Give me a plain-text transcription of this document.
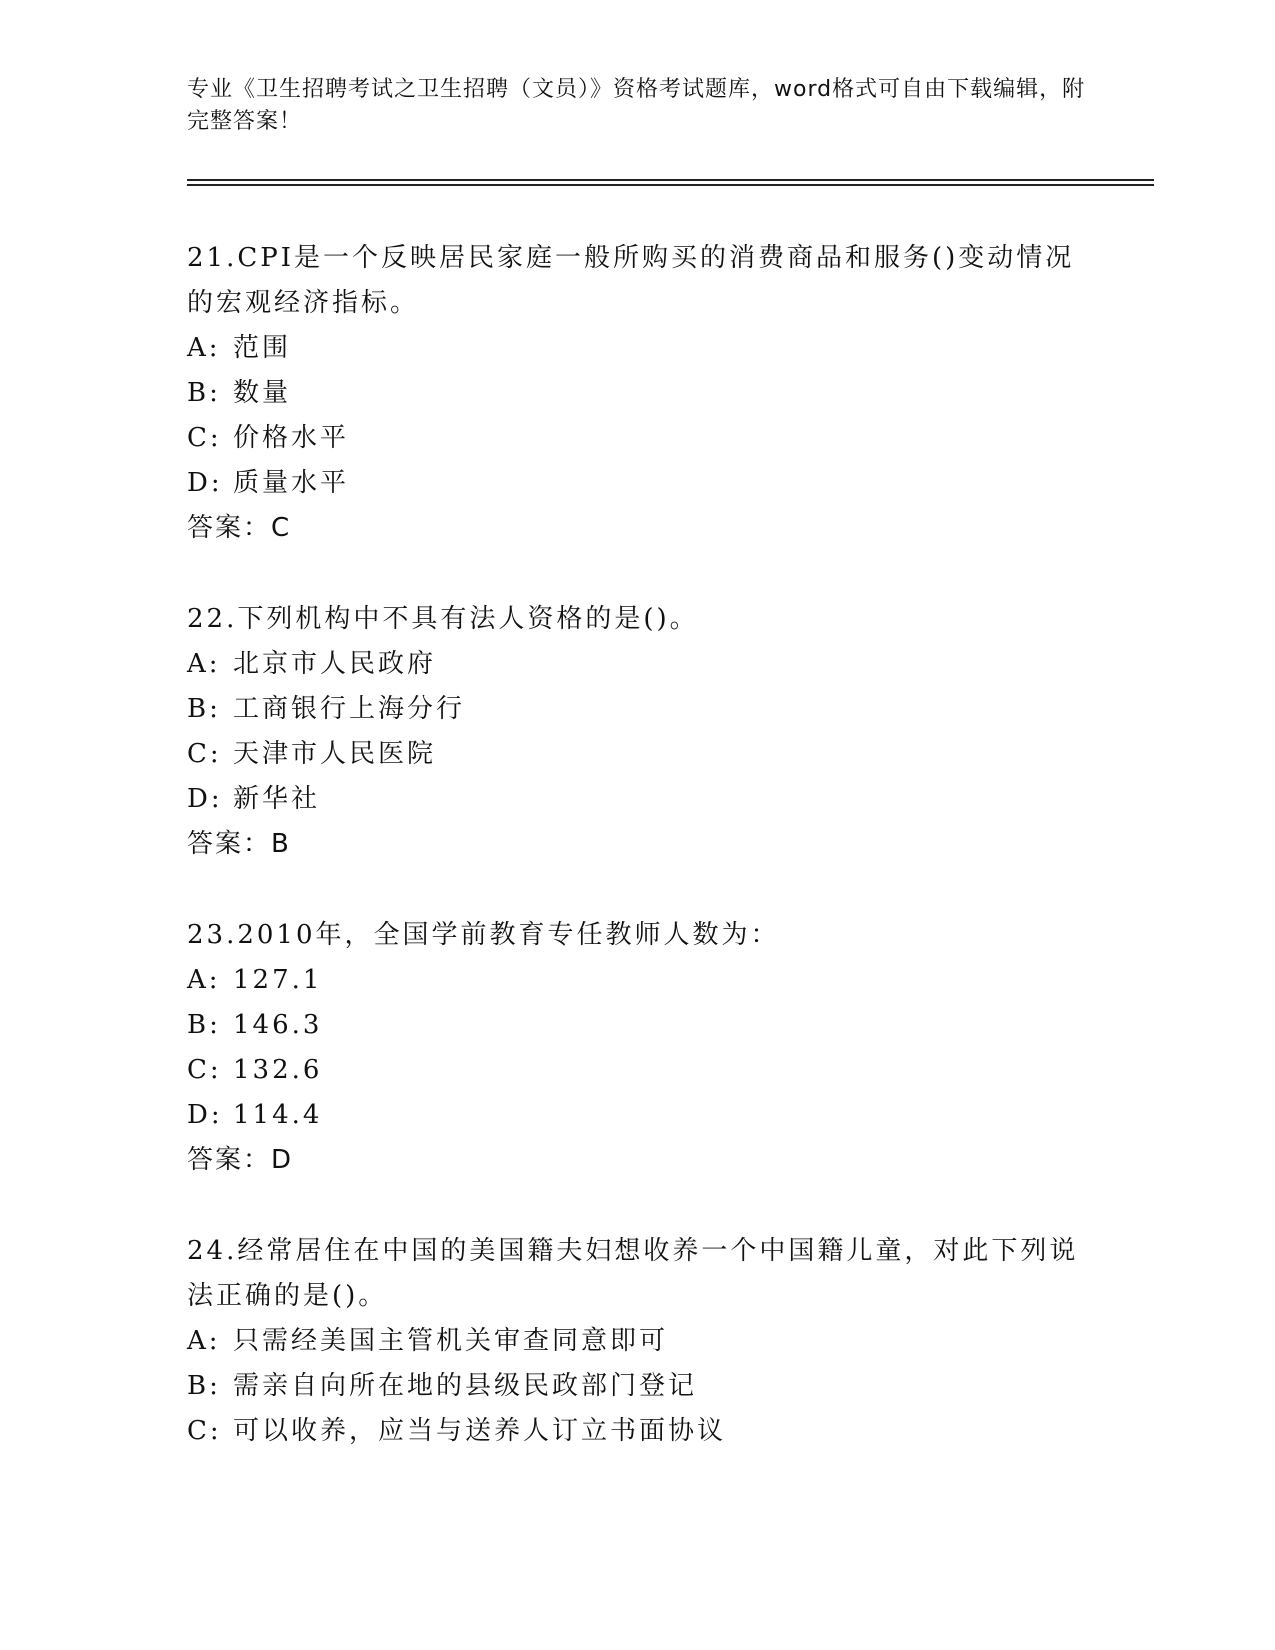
专业《卫生招聘考试之卫生招聘（文员）》资格考试题库，word格式可自由下载编辑，附完整答案！

21.CPI是一个反映居民家庭一般所购买的消费商品和服务()变动情况的宏观经济指标。

A: 范围

B: 数量

C: 价格水平

D: 质量水平

答案：C

22.下列机构中不具有法人资格的是()。

A: 北京市人民政府

B: 工商银行上海分行

C: 天津市人民医院

D: 新华社

答案：B

23.2010年，全国学前教育专任教师人数为：

A: 127.1

B: 146.3

C: 132.6

D: 114.4

答案：D

24.经常居住在中国的美国籍夫妇想收养一个中国籍儿童，对此下列说法正确的是()。

A: 只需经美国主管机关审查同意即可

B: 需亲自向所在地的县级民政部门登记

C: 可以收养，应当与送养人订立书面协议
